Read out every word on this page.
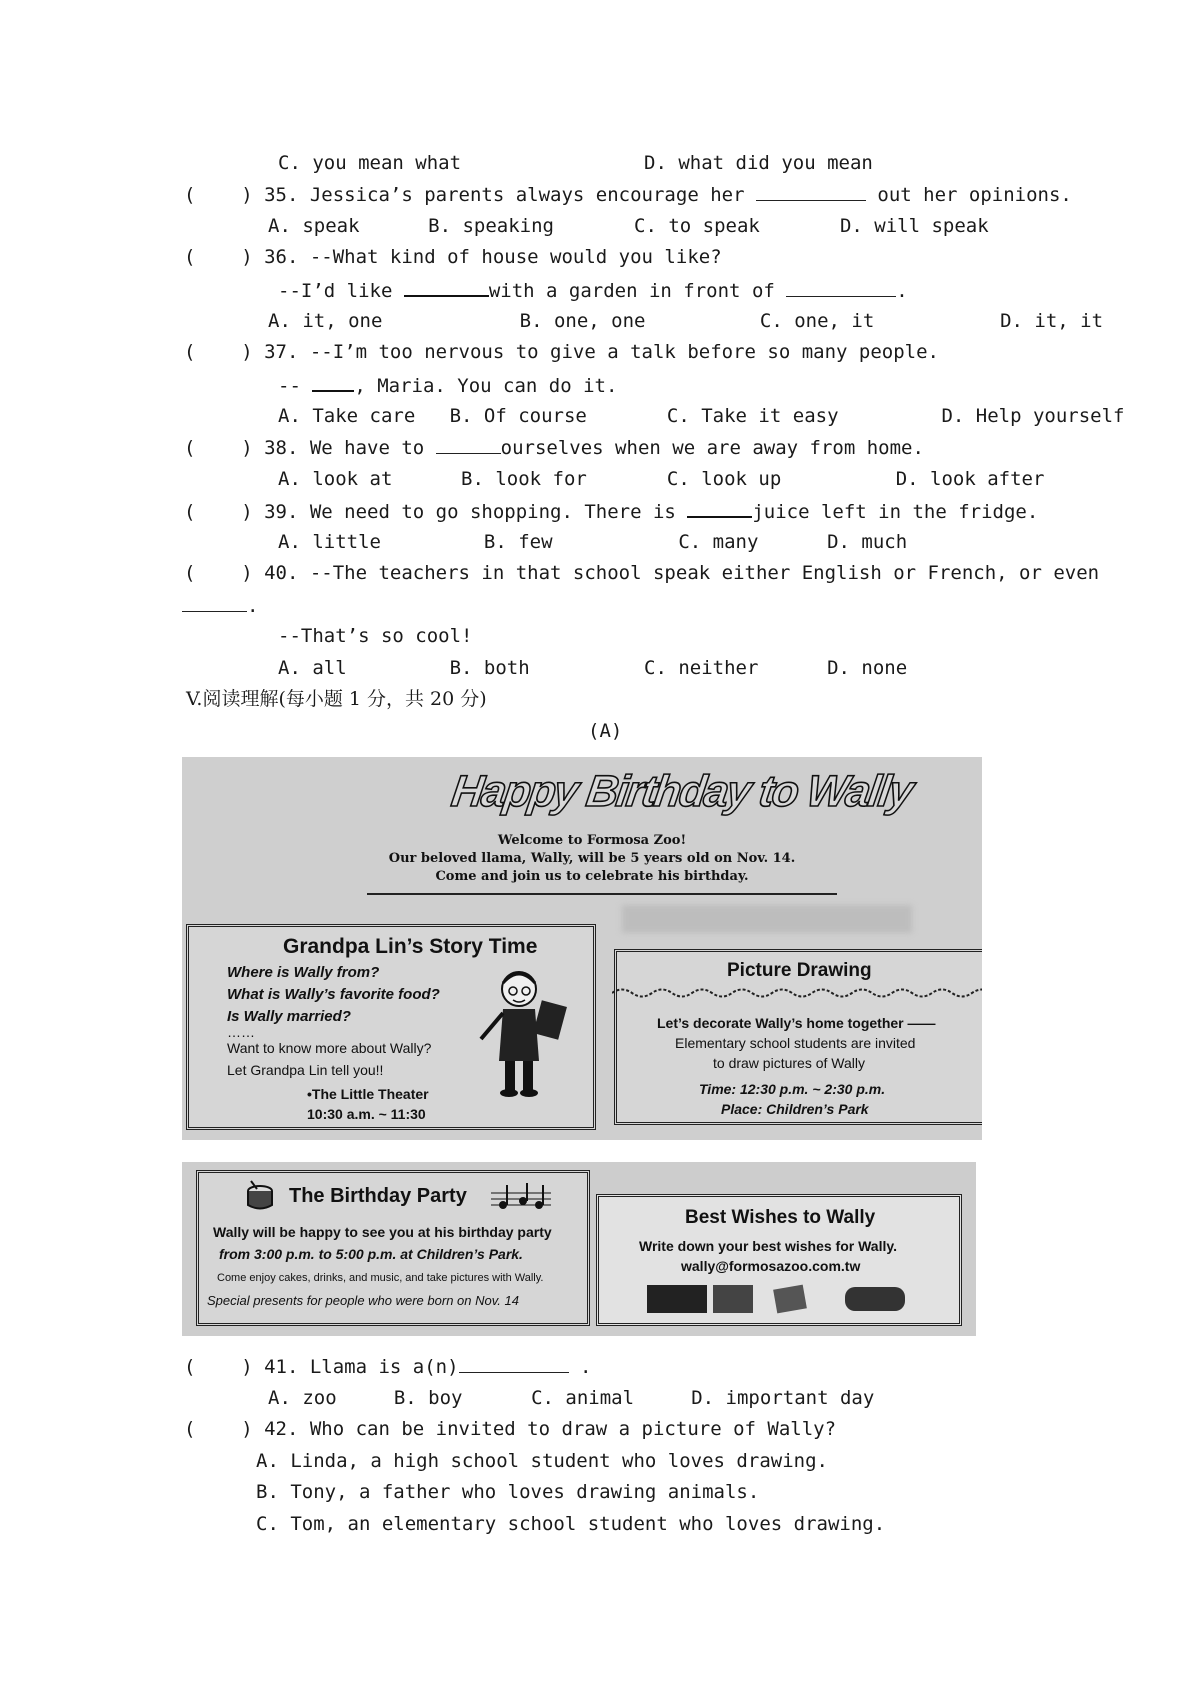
C. you mean what                D. what did you mean
(    ) 35. Jessica’s parents always encourage her	out her opinions.
A. speak      B. speaking       C. to speak       D. will speak
(    ) 36. --What kind of house would you like?
--I’d like	with a garden in front of	.
A. it, one            B. one, one          C. one, it           D. it, it
(    ) 37. --I’m too nervous to give a talk before so many people.
-- , Maria. You can do it.
A. Take care   B. Of course       C. Take it easy         D. Help yourself
(    ) 38. We have to	ourselves when we are away from home.
A. look at      B. look for       C. look up          D. look after
(    ) 39. We need to go shopping. There is	juice left in the fridge.
A. little         B. few           C. many      D. much
(    ) 40. --The teachers in that school speak either English or French, or even
.
--That’s so cool!
A. all         B. both          C. neither      D. none
V.阅读理解(每小题 1 分，共 20 分)
(A)
Happy Birthday to Wally
Welcome to Formosa Zoo!
Our beloved llama, Wally, will be 5 years old on Nov. 14.
Come and join us to celebrate his birthday.
Grandpa Lin’s Story Time
Where is Wally from?
What is Wally’s favorite food?
Is Wally married?
……
Want to know more about Wally?
Let Grandpa Lin tell you!!
•The Little Theater
10:30 a.m. ~ 11:30
Picture Drawing
Let’s decorate Wally’s home together ——
Elementary school students are invited
to draw pictures of Wally
Time: 12:30 p.m. ~ 2:30 p.m.
Place: Children’s Park
The Birthday Party
Wally will be happy to see you at his birthday party
from 3:00 p.m. to 5:00 p.m. at Children’s Park.
Come enjoy cakes, drinks, and music, and take pictures with Wally.
Special presents for people who were born on Nov. 14
Best Wishes to Wally
Write down your best wishes for Wally.
wally@formosazoo.com.tw
(    ) 41. Llama is a(n)	.
A. zoo     B. boy      C. animal     D. important day
(    ) 42. Who can be invited to draw a picture of Wally?
A. Linda, a high school student who loves drawing.
B. Tony, a father who loves drawing animals.
C. Tom, an elementary school student who loves drawing.
